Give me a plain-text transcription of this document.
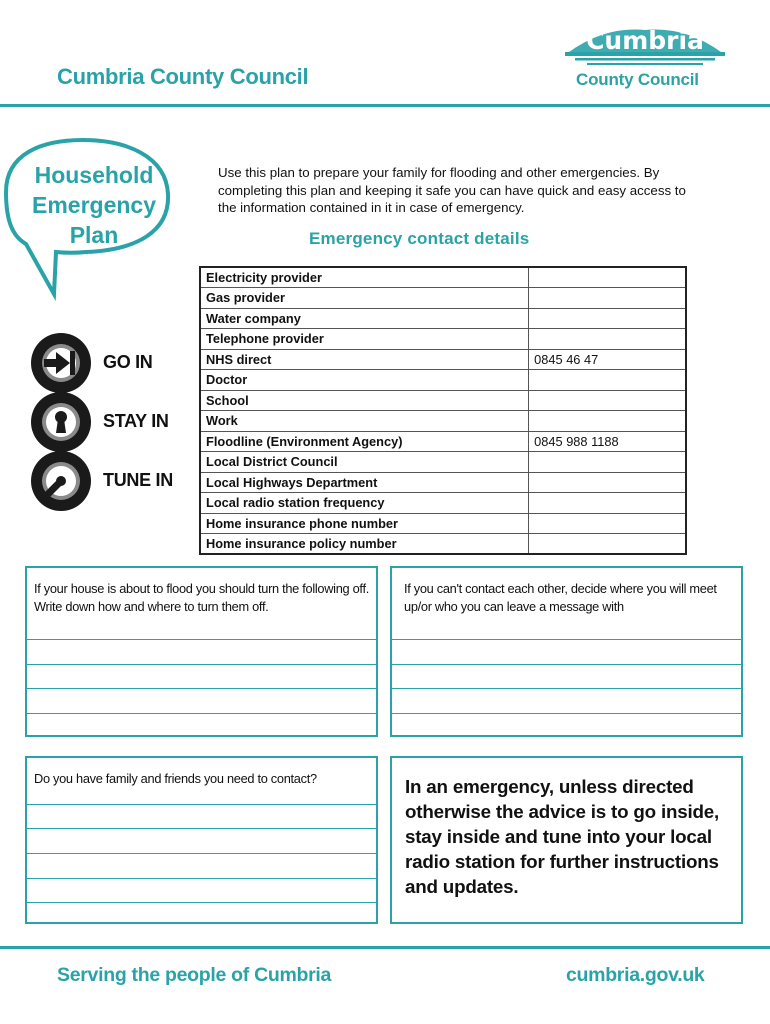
Cumbria County Council
Cumbria
County Council
Household
Emergency
Plan
Use this plan to prepare your family for flooding and other emergencies. By completing this plan and keeping it safe you can have quick and easy access to the information contained in it in case of emergency.
Emergency contact details
Electricity provider	
Gas provider	
Water company	
Telephone provider	
NHS direct	0845 46 47
Doctor	
School	
Work	
Floodline (Environment Agency)	0845 988 1188
Local District Council	
Local Highways Department	
Local radio station frequency	
Home insurance phone number	
Home insurance policy number	
GO IN
STAY IN
TUNE IN
If your house is about to flood you should turn the following off. Write down how and where to turn them off.
If you can't contact each other, decide where you will meet up/or who you can leave a message with
Do you have family and friends you need to contact?	In an emergency, unless directed otherwise the advice is to go inside, stay inside and tune into your local radio station for further instructions and updates.
Serving the people of Cumbria	cumbria.gov.uk
